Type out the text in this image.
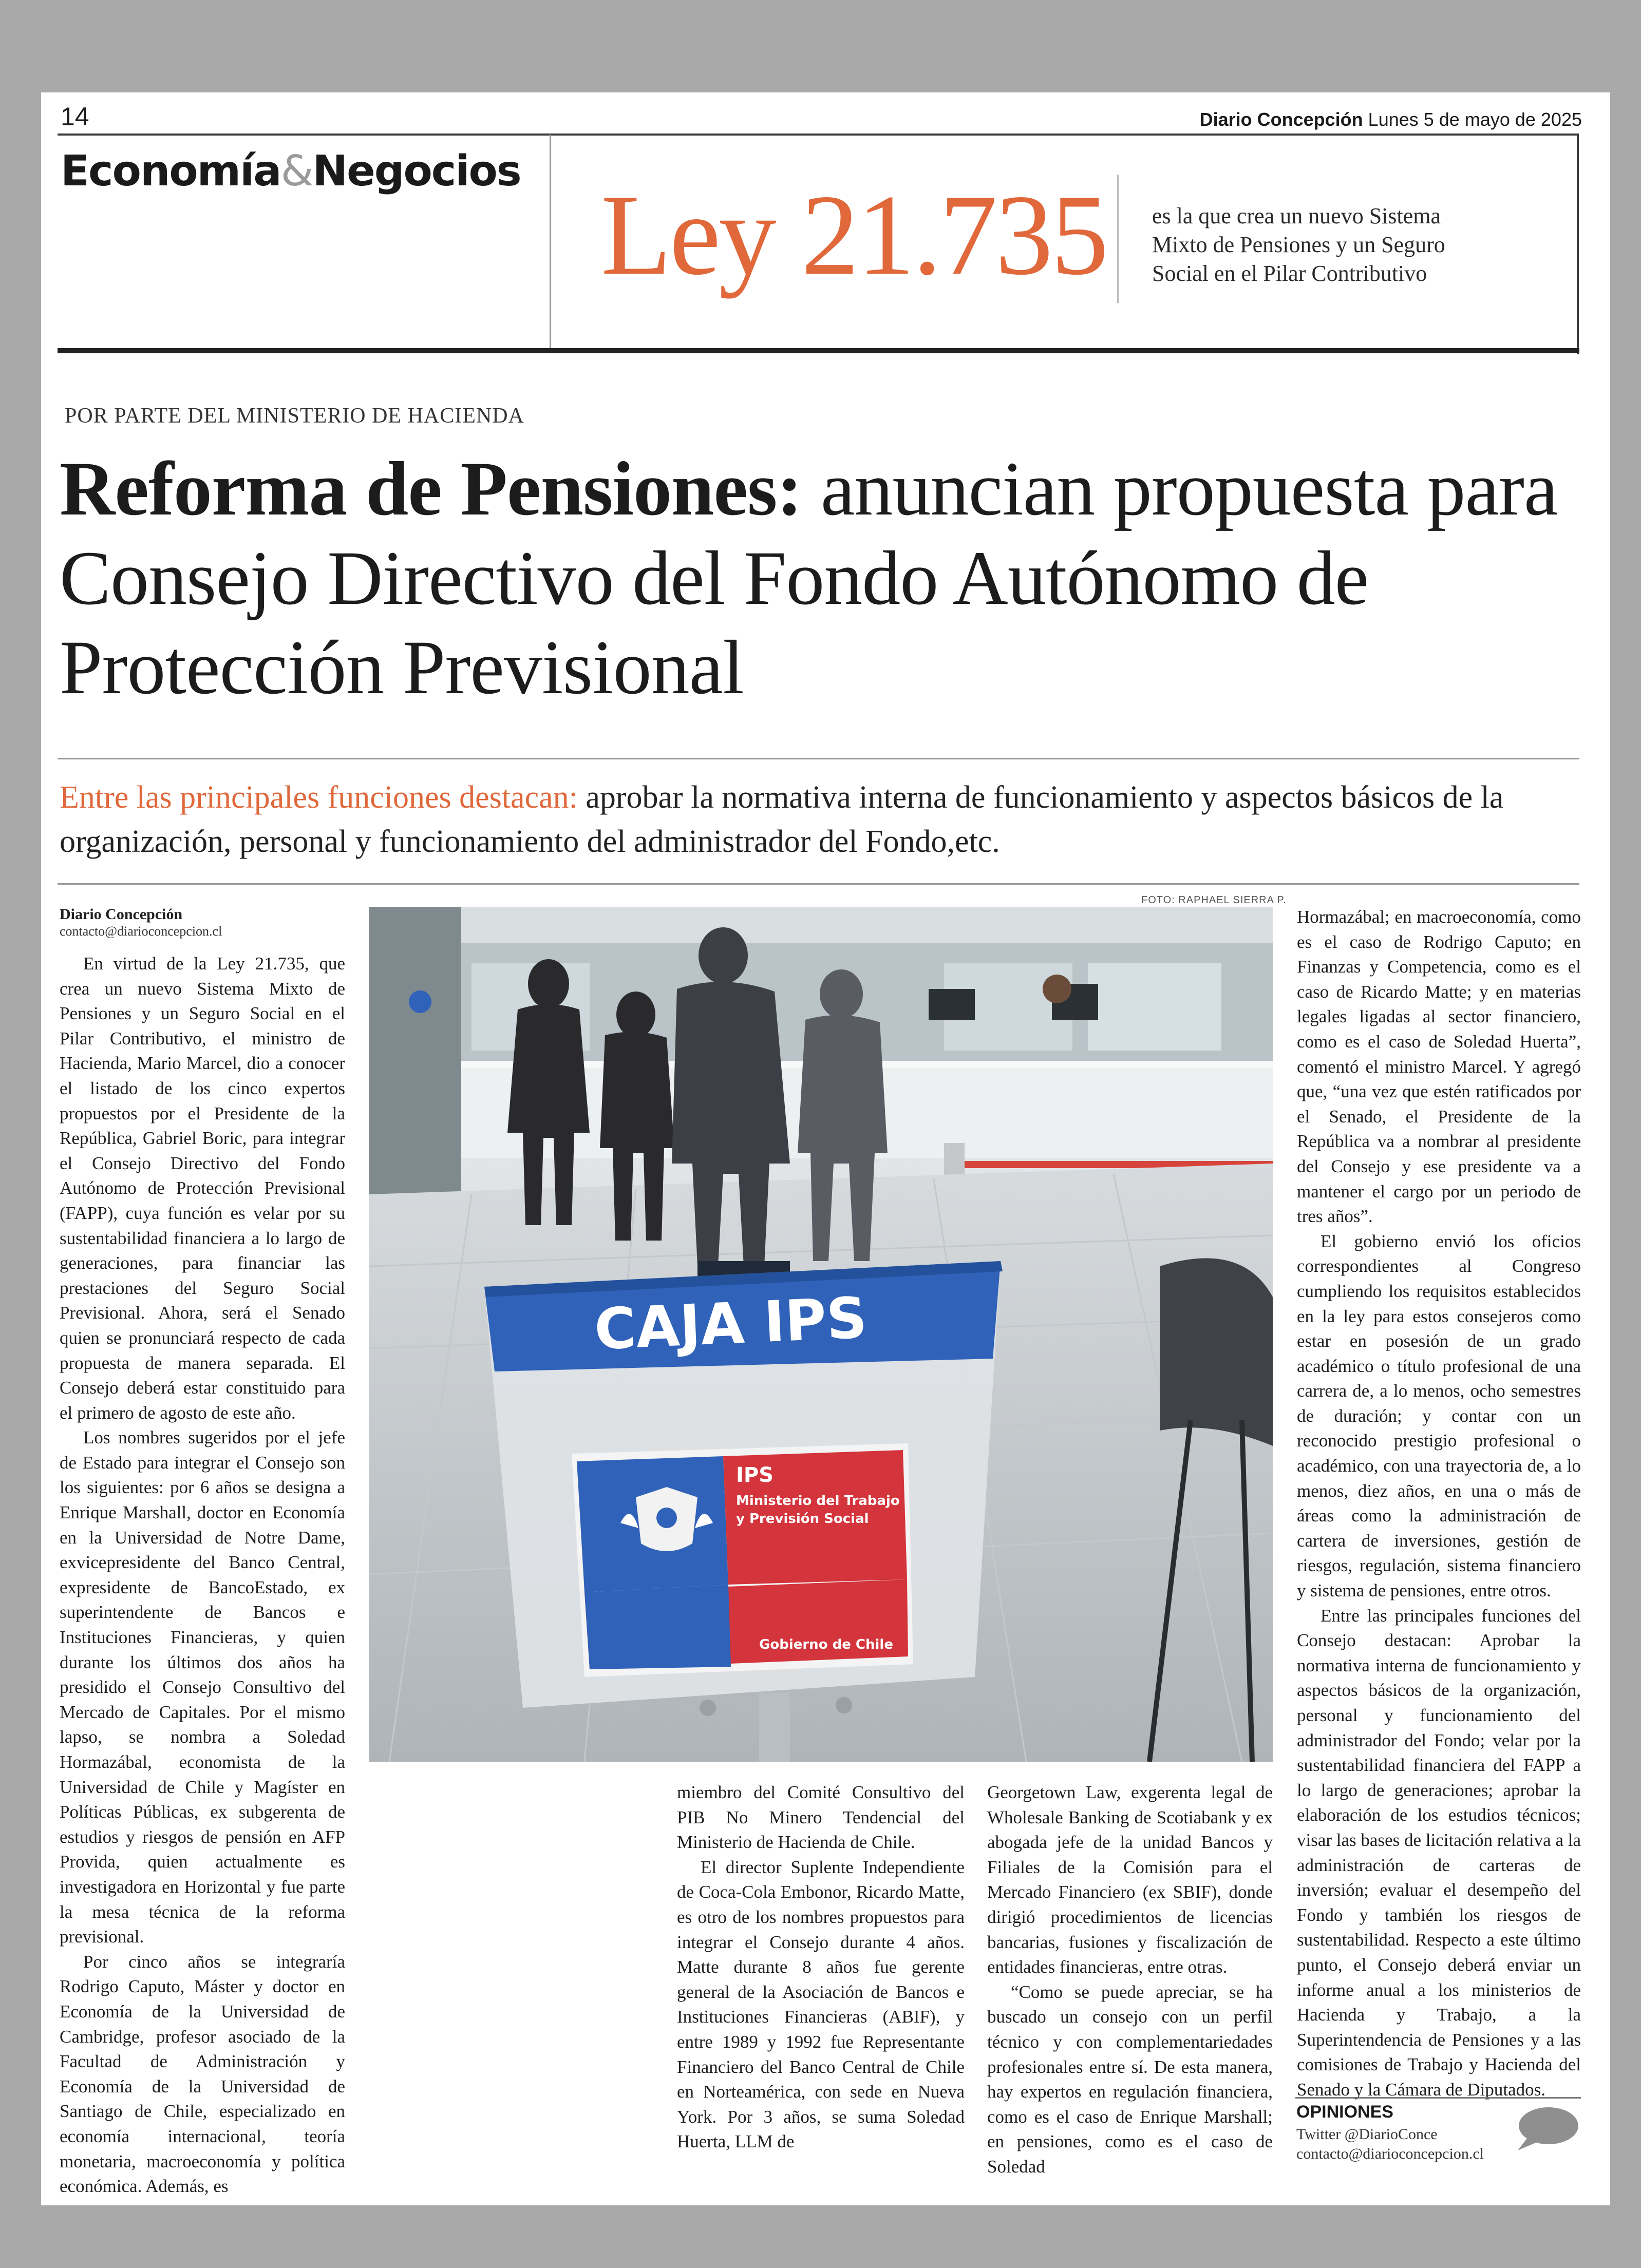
14	Diario Concepción Lunes 5 de mayo de 2025
Economía&Negocios Ley 21.735 es la que crea un nuevo Sistema
Mixto de Pensiones y un Seguro
Social en el Pilar Contributivo
POR PARTE DEL MINISTERIO DE HACIENDA
Reforma de Pensiones: anuncian propuesta para Consejo Directivo del Fondo Autónomo de Protección Previsional
Entre las principales funciones destacan: aprobar la normativa interna de funcionamiento y aspectos básicos de la organización, personal y funcionamiento del administrador del Fondo,etc.
FOTO: RAPHAEL SIERRA P.
CAJA IPS
IPS
Ministerio del Trabajo
y Previsión Social
Gobierno de Chile
Diario Concepción
contacto@diarioconcepcion.cl

En virtud de la Ley 21.735, que crea un nuevo Sistema Mixto de Pensiones y un Seguro Social en el Pilar Contributivo, el ministro de Hacienda, Mario Marcel, dio a conocer el listado de los cinco expertos propuestos por el Presidente de la República, Gabriel Boric, para integrar el Consejo Directivo del Fondo Autónomo de Protección Previsional (FAPP), cuya función es velar por su sustentabilidad financiera a lo largo de generaciones, para financiar las prestaciones del Seguro Social Previsional. Ahora, será el Senado quien se pronunciará respecto de cada propuesta de manera separada. El Consejo deberá estar constituido para el primero de agosto de este año.

Los nombres sugeridos por el jefe de Estado para integrar el Consejo son los siguientes: por 6 años se designa a Enrique Marshall, doctor en Economía en la Universidad de Notre Dame, exvicepresidente del Banco Central, expresidente de BancoEstado, ex superintendente de Bancos e Instituciones Financieras, y quien durante los últimos dos años ha presidido el Consejo Consultivo del Mercado de Capitales. Por el mismo lapso, se nombra a Soledad Hormazábal, economista de la Universidad de Chile y Magíster en Políticas Públicas, ex subgerenta de estudios y riesgos de pensión en AFP Provida, quien actualmente es investigadora en Horizontal y fue parte la mesa técnica de la reforma previsional.

Por cinco años se integraría Rodrigo Caputo, Máster y doctor en Economía de la Universidad de Cambridge, profesor asociado de la Facultad de Administración y Economía de la Universidad de Santiago de Chile, especializado en economía internacional, teoría monetaria, macroeconomía y política económica. Además, es

miembro del Comité Consultivo del PIB No Minero Tendencial del Ministerio de Hacienda de Chile.

El director Suplente Independiente de Coca-Cola Embonor, Ricardo Matte, es otro de los nombres propuestos para integrar el Consejo durante 4 años. Matte durante 8 años fue gerente general de la Asociación de Bancos e Instituciones Financieras (ABIF), y entre 1989 y 1992 fue Representante Financiero del Banco Central de Chile en Norteamérica, con sede en Nueva York. Por 3 años, se suma Soledad Huerta, LLM de

Georgetown Law, exgerenta legal de Wholesale Banking de Scotiabank y ex abogada jefe de la unidad Bancos y Filiales de la Comisión para el Mercado Financiero (ex SBIF), donde dirigió procedimientos de licencias bancarias, fusiones y fiscalización de entidades financieras, entre otras.

“Como se puede apreciar, se ha buscado un consejo con un perfil técnico y con complementariedades profesionales entre sí. De esta manera, hay expertos en regulación financiera, como es el caso de Enrique Marshall; en pensiones, como es el caso de Soledad

Hormazábal; en macroeconomía, como es el caso de Rodrigo Caputo; en Finanzas y Competencia, como es el caso de Ricardo Matte; y en materias legales ligadas al sector financiero, como es el caso de Soledad Huerta”, comentó el ministro Marcel. Y agregó que, “una vez que estén ratificados por el Senado, el Presidente de la República va a nombrar al presidente del Consejo y ese presidente va a mantener el cargo por un periodo de tres años”.

El gobierno envió los oficios correspondientes al Congreso cumpliendo los requisitos establecidos en la ley para estos consejeros como estar en posesión de un grado académico o título profesional de una carrera de, a lo menos, ocho semestres de duración; y contar con un reconocido prestigio profesional o académico, con una trayectoria de, a lo menos, diez años, en una o más de áreas como la administración de cartera de inversiones, gestión de riesgos, regulación, sistema financiero y sistema de pensiones, entre otros.

Entre las principales funciones del Consejo destacan: Aprobar la normativa interna de funcionamiento y aspectos básicos de la organización, personal y funcionamiento del administrador del Fondo; velar por la sustentabilidad financiera del FAPP a lo largo de generaciones; aprobar la elaboración de los estudios técnicos; visar las bases de licitación relativa a la administración de carteras de inversión; evaluar el desempeño del Fondo y también los riesgos de sustentabilidad. Respecto a este último punto, el Consejo deberá enviar un informe anual a los ministerios de Hacienda y Trabajo, a la Superintendencia de Pensiones y a las comisiones de Trabajo y Hacienda del Senado y la Cámara de Diputados.

OPINIONES
Twitter @DiarioConce
contacto@diarioconcepcion.cl
